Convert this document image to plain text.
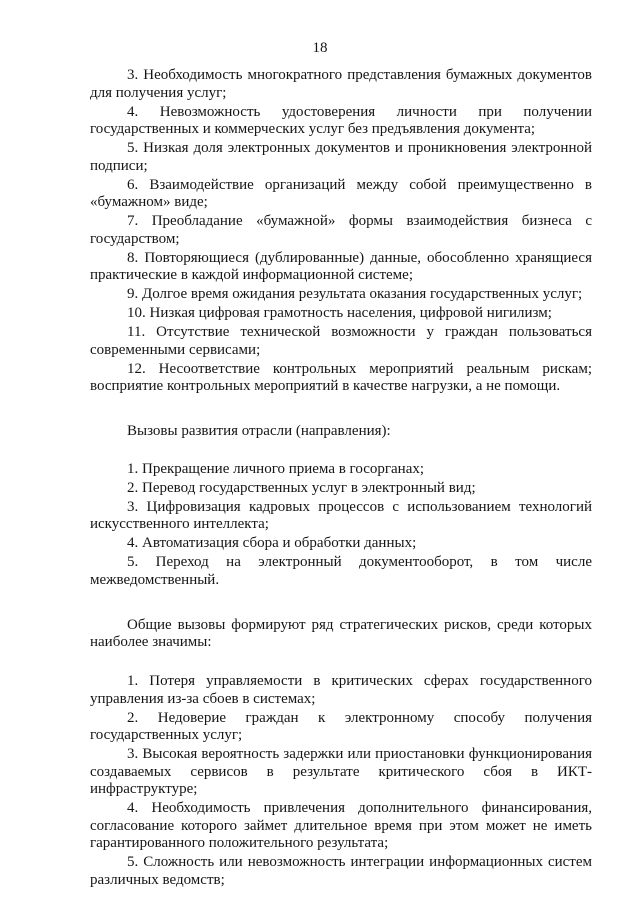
18

3. Необходимость многократного представления бумажных документов для получения услуг;

4. Невозможность удостоверения личности при получении государственных и коммерческих услуг без предъявления документа;

5. Низкая доля электронных документов и проникновения электронной подписи;

6. Взаимодействие организаций между собой преимущественно в «бумажном» виде;

7. Преобладание «бумажной» формы взаимодействия бизнеса с государством;

8. Повторяющиеся (дублированные) данные, обособленно хранящиеся практические в каждой информационной системе;

9. Долгое время ожидания результата оказания государственных услуг;

10. Низкая цифровая грамотность населения, цифровой нигилизм;

11. Отсутствие технической возможности у граждан пользоваться современными сервисами;

12. Несоответствие контрольных мероприятий реальным рискам; восприятие контрольных мероприятий в качестве нагрузки, а не помощи.

Вызовы развития отрасли (направления):

1. Прекращение личного приема в госорганах;

2. Перевод государственных услуг в электронный вид;

3. Цифровизация кадровых процессов с использованием технологий искусственного интеллекта;

4. Автоматизация сбора и обработки данных;

5. Переход на электронный документооборот, в том числе межведомственный.

Общие вызовы формируют ряд стратегических рисков, среди которых наиболее значимы:

1. Потеря управляемости в критических сферах государственного управления из-за сбоев в системах;

2. Недоверие граждан к электронному способу получения государственных услуг;

3. Высокая вероятность задержки или приостановки функционирования создаваемых сервисов в результате критического сбоя в ИКТ-инфраструктуре;

4. Необходимость привлечения дополнительного финансирования, согласование которого займет длительное время при этом может не иметь гарантированного положительного результата;

5. Сложность или невозможность интеграции информационных систем различных ведомств;
